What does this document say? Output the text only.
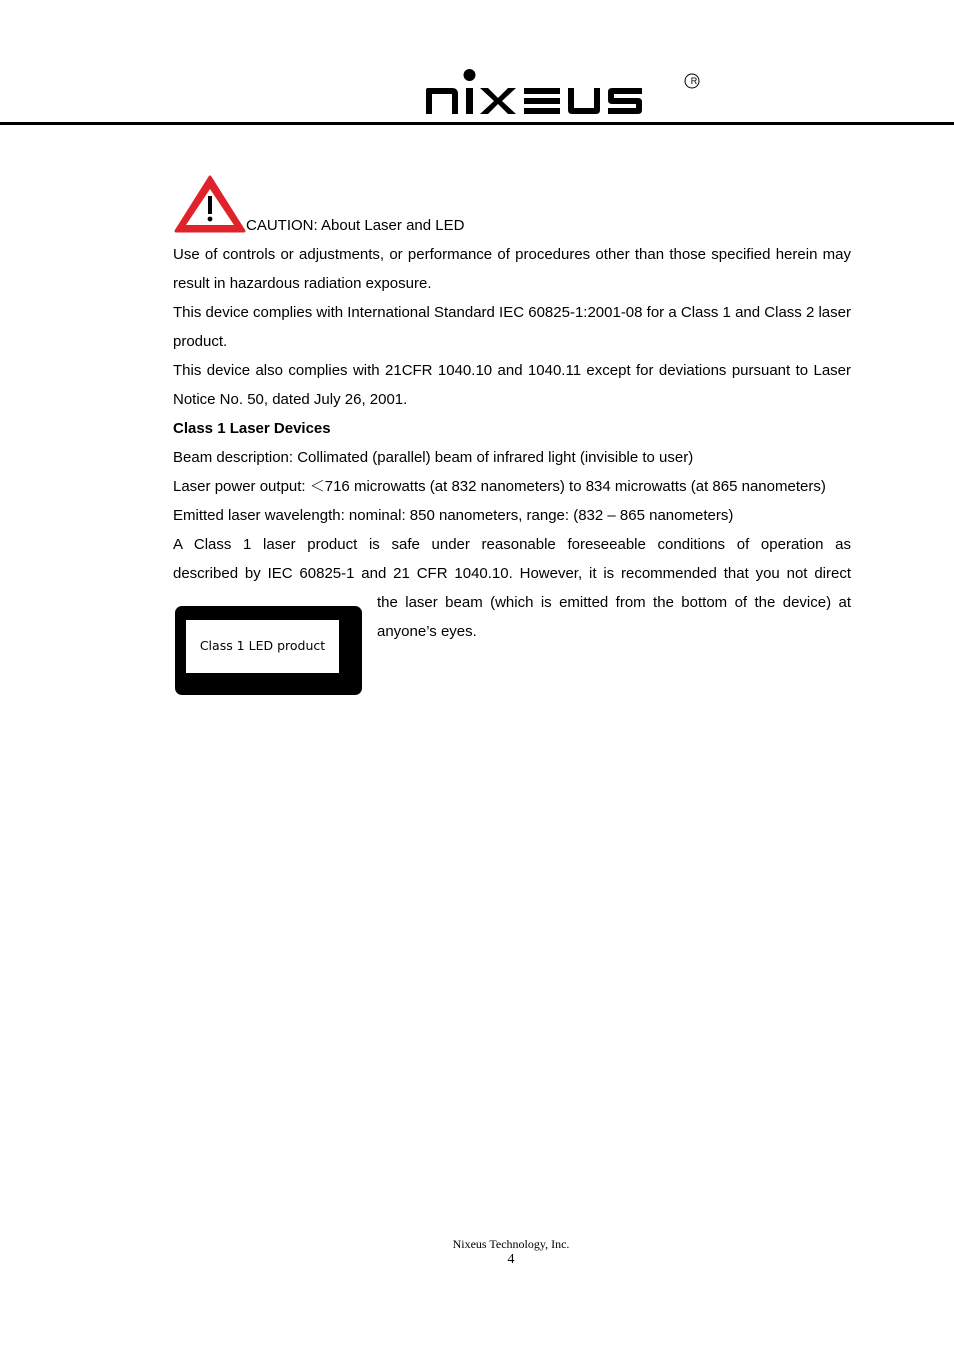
R
CAUTION: About Laser and LED

Use of controls or adjustments, or performance of procedures other than those specified herein may result in hazardous radiation exposure.

This device complies with International Standard IEC 60825-1:2001-08 for a Class 1 and Class 2 laser product.

This device also complies with 21CFR 1040.10 and 1040.11 except for deviations pursuant to Laser Notice No. 50, dated July 26, 2001.

Class 1 Laser Devices

Beam description: Collimated (parallel) beam of infrared light (invisible to user)

Laser power output: ＜716 microwatts (at 832 nanometers) to 834 microwatts (at 865 nanometers)

Emitted laser wavelength: nominal: 850 nanometers, range: (832 – 865 nanometers)

A Class 1 laser product is safe under reasonable foreseeable conditions of operation as

described by IEC 60825-1 and 21 CFR 1040.10. However, it is recommended that you not direct

Class 1 LED product

the laser beam (which is emitted from the bottom of the device) at anyone’s eyes.

Nixeus Technology, Inc.
4
